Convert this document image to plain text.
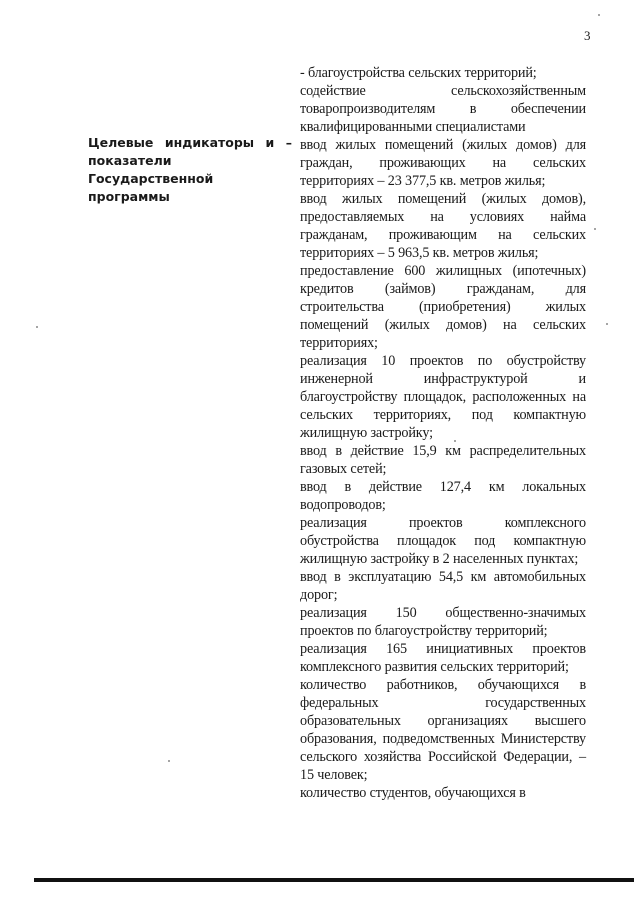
3
Целевые индикаторы и –
показатели
Государственной
программы

- благоустройства сельских территорий;

содействие сельскохозяйственным товаропроизводителям в обеспечении квалифицированными специалистами

ввод жилых помещений (жилых домов) для граждан, проживающих на сельских территориях – 23 377,5 кв. метров жилья;

ввод жилых помещений (жилых домов), предоставляемых на условиях найма гражданам, проживающим на сельских территориях – 5 963,5 кв. метров жилья;

предоставление 600 жилищных (ипотечных) кредитов (займов) гражданам, для строительства (приобретения) жилых помещений (жилых домов) на сельских территориях;

реализация 10 проектов по обустройству инженерной инфраструктурой и благоустройству площадок, расположенных на сельских территориях, под компактную жилищную застройку;

ввод в действие 15,9 км распределительных газовых сетей;

ввод в действие 127,4 км локальных водопроводов;

реализация проектов комплексного обустройства площадок под компактную жилищную застройку в 2 населенных пунктах;

ввод в эксплуатацию 54,5 км автомобильных дорог;

реализация 150 общественно-значимых проектов по благоустройству территорий;

реализация 165 инициативных проектов комплексного развития сельских территорий;

количество работников, обучающихся в федеральных государственных образовательных организациях высшего образования, подведомственных Министерству сельского хозяйства Российской Федерации, – 15 человек;

количество студентов, обучающихся в
